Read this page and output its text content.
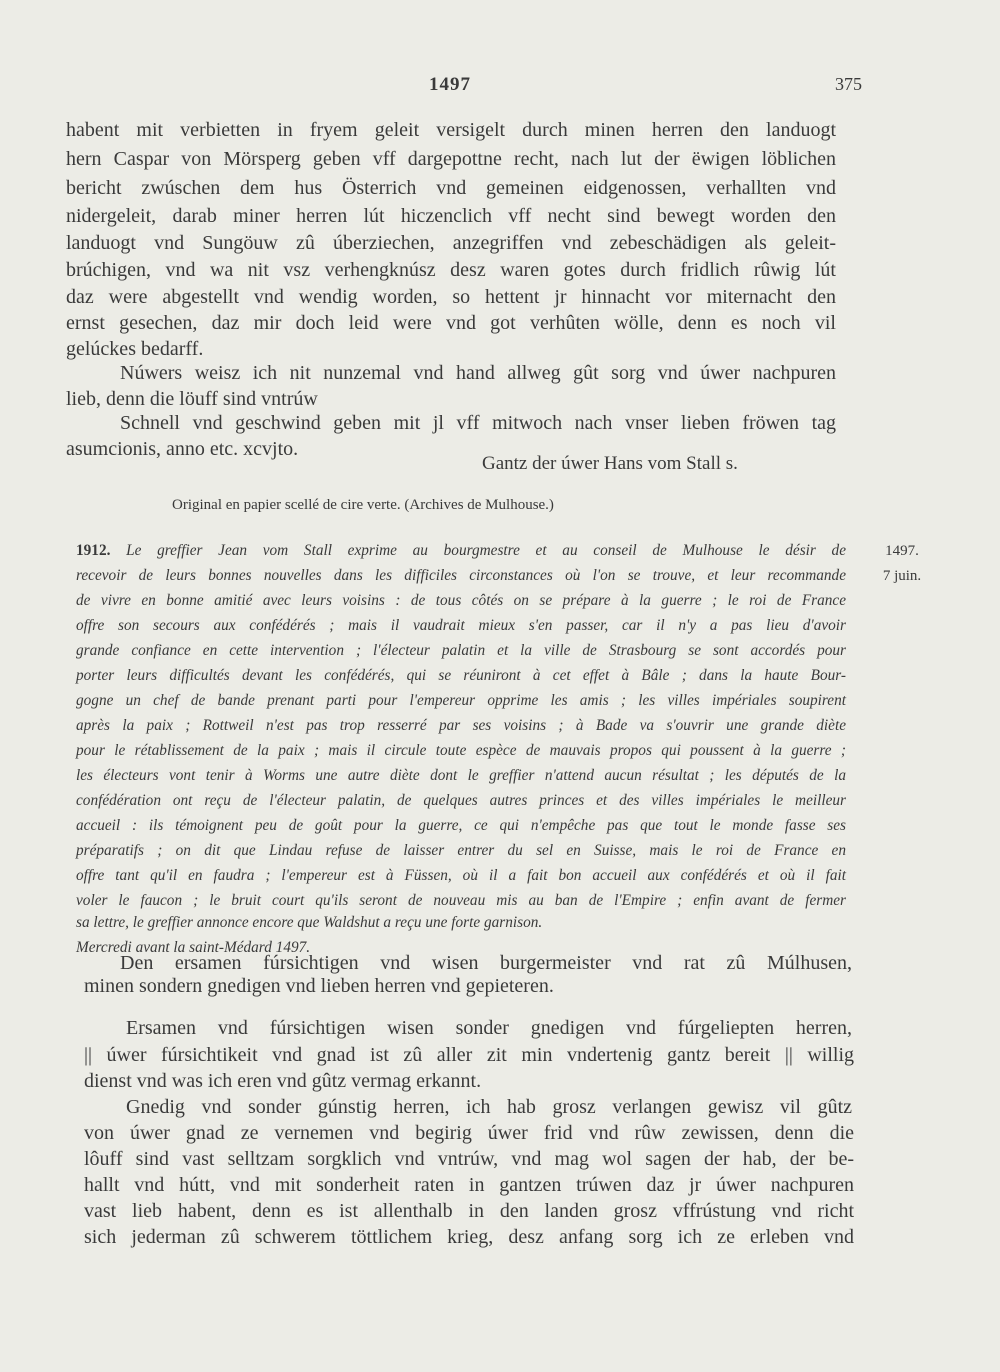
1497	375
habent mit verbietten in fryem geleit versigelt durch minen herren den landuogt
hern Caspar von Mörsperg geben vff dargepottne recht, nach lut der ëwigen löblichen
bericht zwúschen dem hus Österrich vnd gemeinen eidgenossen, verhallten vnd
nidergeleit, darab miner herren lút hiczenclich vff necht sind bewegt worden den
landuogt vnd Sungöuw zû úberziechen, anzegriffen vnd zebeschädigen als geleit-
brúchigen, vnd wa nit vsz verhengknúsz desz waren gotes durch fridlich rûwig lút
daz were abgestellt vnd wendig worden, so hettent jr hinnacht vor miternacht den
ernst gesechen, daz mir doch leid were vnd got verhûten wölle, denn es noch vil
gelúckes bedarff.
Núwers weisz ich nit nunzemal vnd hand allweg gût sorg vnd úwer nachpuren
lieb, denn die löuff sind vntrúw
Schnell vnd geschwind geben mit jl vff mitwoch nach vnser lieben fröwen tag
asumcionis, anno etc. xcvjto.
Gantz der úwer Hans vom Stall s.
Original en papier scellé de cire verte. (Archives de Mulhouse.)
1912. Le greffier Jean vom Stall exprime au bourgmestre et au conseil de Mulhouse le désir de
recevoir de leurs bonnes nouvelles dans les difficiles circonstances où l'on se trouve, et leur recommande
de vivre en bonne amitié avec leurs voisins : de tous côtés on se prépare à la guerre ; le roi de France
offre son secours aux confédérés ; mais il vaudrait mieux s'en passer, car il n'y a pas lieu d'avoir
grande confiance en cette intervention ; l'électeur palatin et la ville de Strasbourg se sont accordés pour
porter leurs difficultés devant les confédérés, qui se réuniront à cet effet à Bâle ; dans la haute Bour-
gogne un chef de bande prenant parti pour l'empereur opprime les amis ; les villes impériales soupirent
après la paix ; Rottweil n'est pas trop resserré par ses voisins ; à Bade va s'ouvrir une grande diète
pour le rétablissement de la paix ; mais il circule toute espèce de mauvais propos qui poussent à la guerre ;
les électeurs vont tenir à Worms une autre diète dont le greffier n'attend aucun résultat ; les députés de la
confédération ont reçu de l'électeur palatin, de quelques autres princes et des villes impériales le meilleur
accueil : ils témoignent peu de goût pour la guerre, ce qui n'empêche pas que tout le monde fasse ses
préparatifs ; on dit que Lindau refuse de laisser entrer du sel en Suisse, mais le roi de France en
offre tant qu'il en faudra ; l'empereur est à Füssen, où il a fait bon accueil aux confédérés et où il fait
voler le faucon ; le bruit court qu'ils seront de nouveau mis au ban de l'Empire ; enfin avant de fermer
sa lettre, le greffier annonce encore que Waldshut a reçu une forte garnison.
Mercredi avant la saint-Médard 1497.
1497.
7 juin.
Den ersamen fúrsichtigen vnd wisen burgermeister vnd rat zû Múlhusen,
minen sondern gnedigen vnd lieben herren vnd gepieteren.
Ersamen vnd fúrsichtigen wisen sonder gnedigen vnd fúrgeliepten herren,
|| úwer fúrsichtikeit vnd gnad ist zû aller zit min vndertenig gantz bereit || willig
dienst vnd was ich eren vnd gûtz vermag erkannt.
Gnedig vnd sonder gúnstig herren, ich hab grosz verlangen gewisz vil gûtz
von úwer gnad ze vernemen vnd begirig úwer frid vnd rûw zewissen, denn die
lôuff sind vast selltzam sorgklich vnd vntrúw, vnd mag wol sagen der hab, der be-
hallt vnd hútt, vnd mit sonderheit raten in gantzen trúwen daz jr úwer nachpuren
vast lieb habent, denn es ist allenthalb in den landen grosz vffrústung vnd richt
sich jederman zû schwerem töttlichem krieg, desz anfang sorg ich ze erleben vnd
